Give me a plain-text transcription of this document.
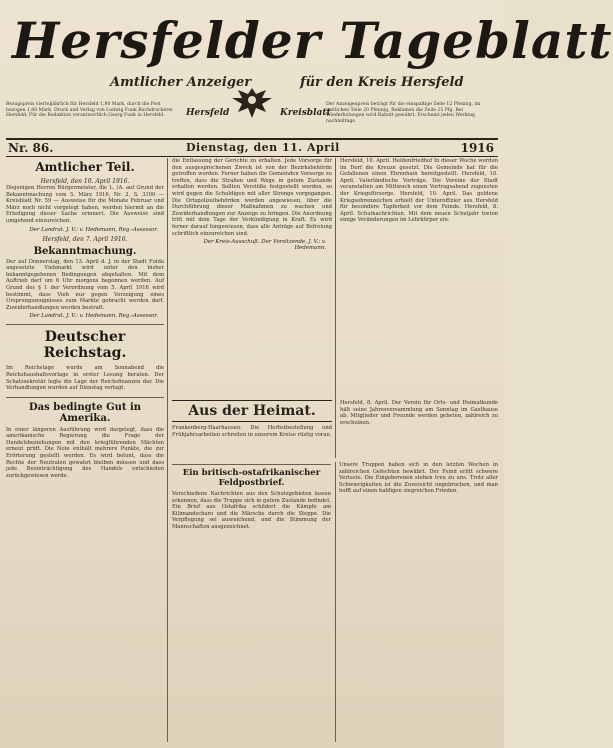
Hersfelder Tageblatt
Amtlicher Anzeiger	für den Kreis Hersfeld
Bezugspreis vierteljährlich für Hersfeld 1,80 Mark, durch die Post bezogen 1,80 Mark. Druck und Verlag von Ludwig Funk Buchdruckerei Hersfeld. Für die Redaktion verantwortlich Georg Funk in Hersfeld.	Hersfeld	Kreisblatt
Der Anzeigenpreis beträgt für die einspaltige Zeile 12 Pfennig, im amtlichen Teile 20 Pfennig, Reklamen die Zeile 25 Pfg. Bei Wiederholungen wird Rabatt gewährt. Erscheint jeden Werktag nachmittags.
Nr. 86.	Dienstag, den 11. April	1916
Amtlicher Teil.
Hersfeld, den 10. April 1916.
Diejenigen Herren Bürgermeister, die L. (A. auf Grund der Bekanntmachung vom 5. März 1916, Nr. 2, S. 3100 — Kreisblatt Nr. 59 — Ausweise für die Monate Februar und März noch nicht vorgelegt haben, werden hiermit an die Erledigung dieser Sache erinnert. Die Ausweise sind umgehend einzureichen.
Der Landrat. J. V.: v. Hedemann, Reg.-Assessor.
Hersfeld, den 7. April 1916.
Bekanntmachung.
Der auf Donnerstag, den 13. April d. J. in der Stadt Fulda angesetzte Viehmarkt wird unter den bisher bekanntgegebenen Bedingungen abgehalten. Mit dem Auftrieb darf um 6 Uhr morgens begonnen werden. Auf Grund des § 1 der Verordnung vom 5. April 1916 wird bestimmt, dass Vieh nur gegen Vorzeigung eines Ursprungszeugnisses zum Markte gebracht werden darf. Zuwiderhandlungen werden bestraft.
Der Landrat. J. V.: v. Hedemann, Reg.-Assessor.
Deutscher Reichstag.
Im Reichstage wurde am Sonnabend die Reichshaushaltsvorlage in erster Lesung beraten. Der Schatzsekretär legte die Lage der Reichsfinanzen dar. Die Verhandlungen wurden auf Dienstag vertagt.
Das bedingte Gut in Amerika.
In einer längeren Ausführung wird dargelegt, dass die amerikanische Regierung die Frage der Handelsbeziehungen mit den kriegführenden Mächten erneut prüft. Die Note enthält mehrere Punkte, die zur Erörterung gestellt werden. Es wird betont, dass die Rechte der Neutralen gewahrt bleiben müssen und dass jede Beeinträchtigung des Handels entschieden zurückgewiesen werde.
die Entlassung der Gerichte zu erhalten. Jede Vorsorge für den ausgesprochenen Zweck ist von der Bezirksbehörde getroffen worden. Ferner haben die Gemeinden Vorsorge zu treffen, dass die Straßen und Wege in gutem Zustande erhalten werden. Sollten Verstöße festgestellt werden, so wird gegen die Schuldigen mit aller Strenge vorgegangen. Die Ortspolizeibehörden werden angewiesen, über die Durchführung dieser Maßnahmen zu wachen und Zuwiderhandlungen zur Anzeige zu bringen. Die Anordnung tritt mit dem Tage der Verkündigung in Kraft. Es wird ferner darauf hingewiesen, dass alle Anträge auf Befreiung schriftlich einzureichen sind.
Der Kreis-Ausschuß. Der Vorsitzende. J. V.: v. Hedemann.
Hersfeld, 10. April. Heldenfriedhof In dieser Woche werden im Dorf die Kreuze gesetzt. Die Gemeinde hat für die Gefallenen einen Ehrenhain bereitgestellt. Hersfeld, 10. April. Vaterländische Vorträge. Die Vereine der Stadt veranstalten am Mittwoch einen Vortragsabend zugunsten der Kriegsfürsorge. Hersfeld, 10. April. Das goldene Kriegsehrenzeichen erhielt der Unteroffizier aus Hersfeld für besondere Tapferkeit vor dem Feinde. Hersfeld, 8. April. Schulnachrichten. Mit dem neuen Schuljahr treten einige Veränderungen im Lehrkörper ein.
Aus der Heimat.
Frankenberg-Haarhausen. Die Herbstbestellung und Frühjahrsarbeiten schreiten in unserem Kreise rüstig voran.
Hersfeld, 8. April. Der Verein für Orts- und Heimatkunde hält seine Jahresversammlung am Sonntag im Gasthause ab. Mitglieder und Freunde werden gebeten, zahlreich zu erscheinen.
Ein britisch-ostafrikanischer Feldpostbrief.
Verschiedene Nachrichten aus den Schutzgebieten lassen erkennen, dass die Truppe sich in gutem Zustande befindet. Ein Brief aus Ostafrika schildert die Kämpfe am Kilimandscharo und die Märsche durch die Steppe. Die Verpflegung sei ausreichend, und die Stimmung der Mannschaften ausgezeichnet.
Unsere Truppen haben sich in den letzten Wochen in zahlreichen Gefechten bewährt. Der Feind erlitt schwere Verluste. Die Eingeborenen stehen treu zu uns. Trotz aller Schwierigkeiten ist die Zuversicht ungebrochen, und man hofft auf einen baldigen siegreichen Frieden.
